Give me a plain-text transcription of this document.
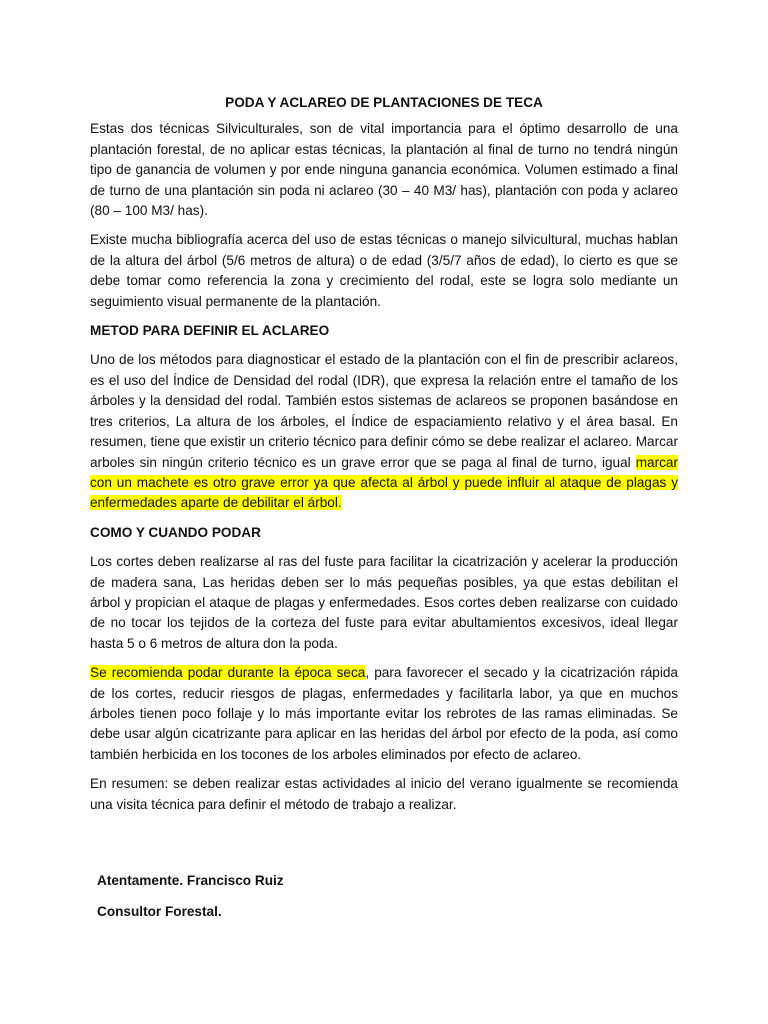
PODA Y ACLAREO DE PLANTACIONES DE TECA

Estas dos técnicas Silviculturales, son de vital importancia para el óptimo desarrollo de una plantación forestal, de no aplicar estas técnicas, la plantación al final de turno no tendrá ningún tipo de ganancia de volumen y por ende ninguna ganancia económica. Volumen estimado a final de turno de una plantación sin poda ni aclareo (30 – 40 M3/ has), plantación con poda y aclareo (80 – 100 M3/ has).

Existe mucha bibliografía acerca del uso de estas técnicas o manejo silvicultural, muchas hablan de la altura del árbol (5/6 metros de altura) o de edad (3/5/7 años de edad), lo cierto es que se debe tomar como referencia la zona y crecimiento del rodal, este se logra solo mediante un seguimiento visual permanente de la plantación.

METOD PARA DEFINIR EL ACLAREO

Uno de los métodos para diagnosticar el estado de la plantación con el fin de prescribir aclareos, es el uso del Índice de Densidad del rodal (IDR), que expresa la relación entre el tamaño de los árboles y la densidad del rodal. También estos sistemas de aclareos se proponen basándose en tres criterios, La altura de los árboles, el Índice de espaciamiento relativo y el área basal. En resumen, tiene que existir un criterio técnico para definir cómo se debe realizar el aclareo. Marcar arboles sin ningún criterio técnico es un grave error que se paga al final de turno, igual marcar con un machete es otro grave error ya que afecta al árbol y puede influir al ataque de plagas y enfermedades aparte de debilitar el árbol.

COMO Y CUANDO PODAR

Los cortes deben realizarse al ras del fuste para facilitar la cicatrización y acelerar la producción de madera sana, Las heridas deben ser lo más pequeñas posibles, ya que estas debilitan el árbol y propician el ataque de plagas y enfermedades. Esos cortes deben realizarse con cuidado de no tocar los tejidos de la corteza del fuste para evitar abultamientos excesivos, ideal llegar hasta 5 o 6 metros de altura don la poda.

Se recomienda podar durante la época seca, para favorecer el secado y la cicatrización rápida de los cortes, reducir riesgos de plagas, enfermedades y facilitarla labor, ya que en muchos árboles tienen poco follaje y lo más importante evitar los rebrotes de las ramas eliminadas. Se debe usar algún cicatrizante para aplicar en las heridas del árbol por efecto de la poda, así como también herbicida en los tocones de los arboles eliminados por efecto de aclareo.

En resumen: se deben realizar estas actividades al inicio del verano igualmente se recomienda una visita técnica para definir el método de trabajo a realizar.

Atentamente. Francisco Ruiz
Consultor Forestal.
